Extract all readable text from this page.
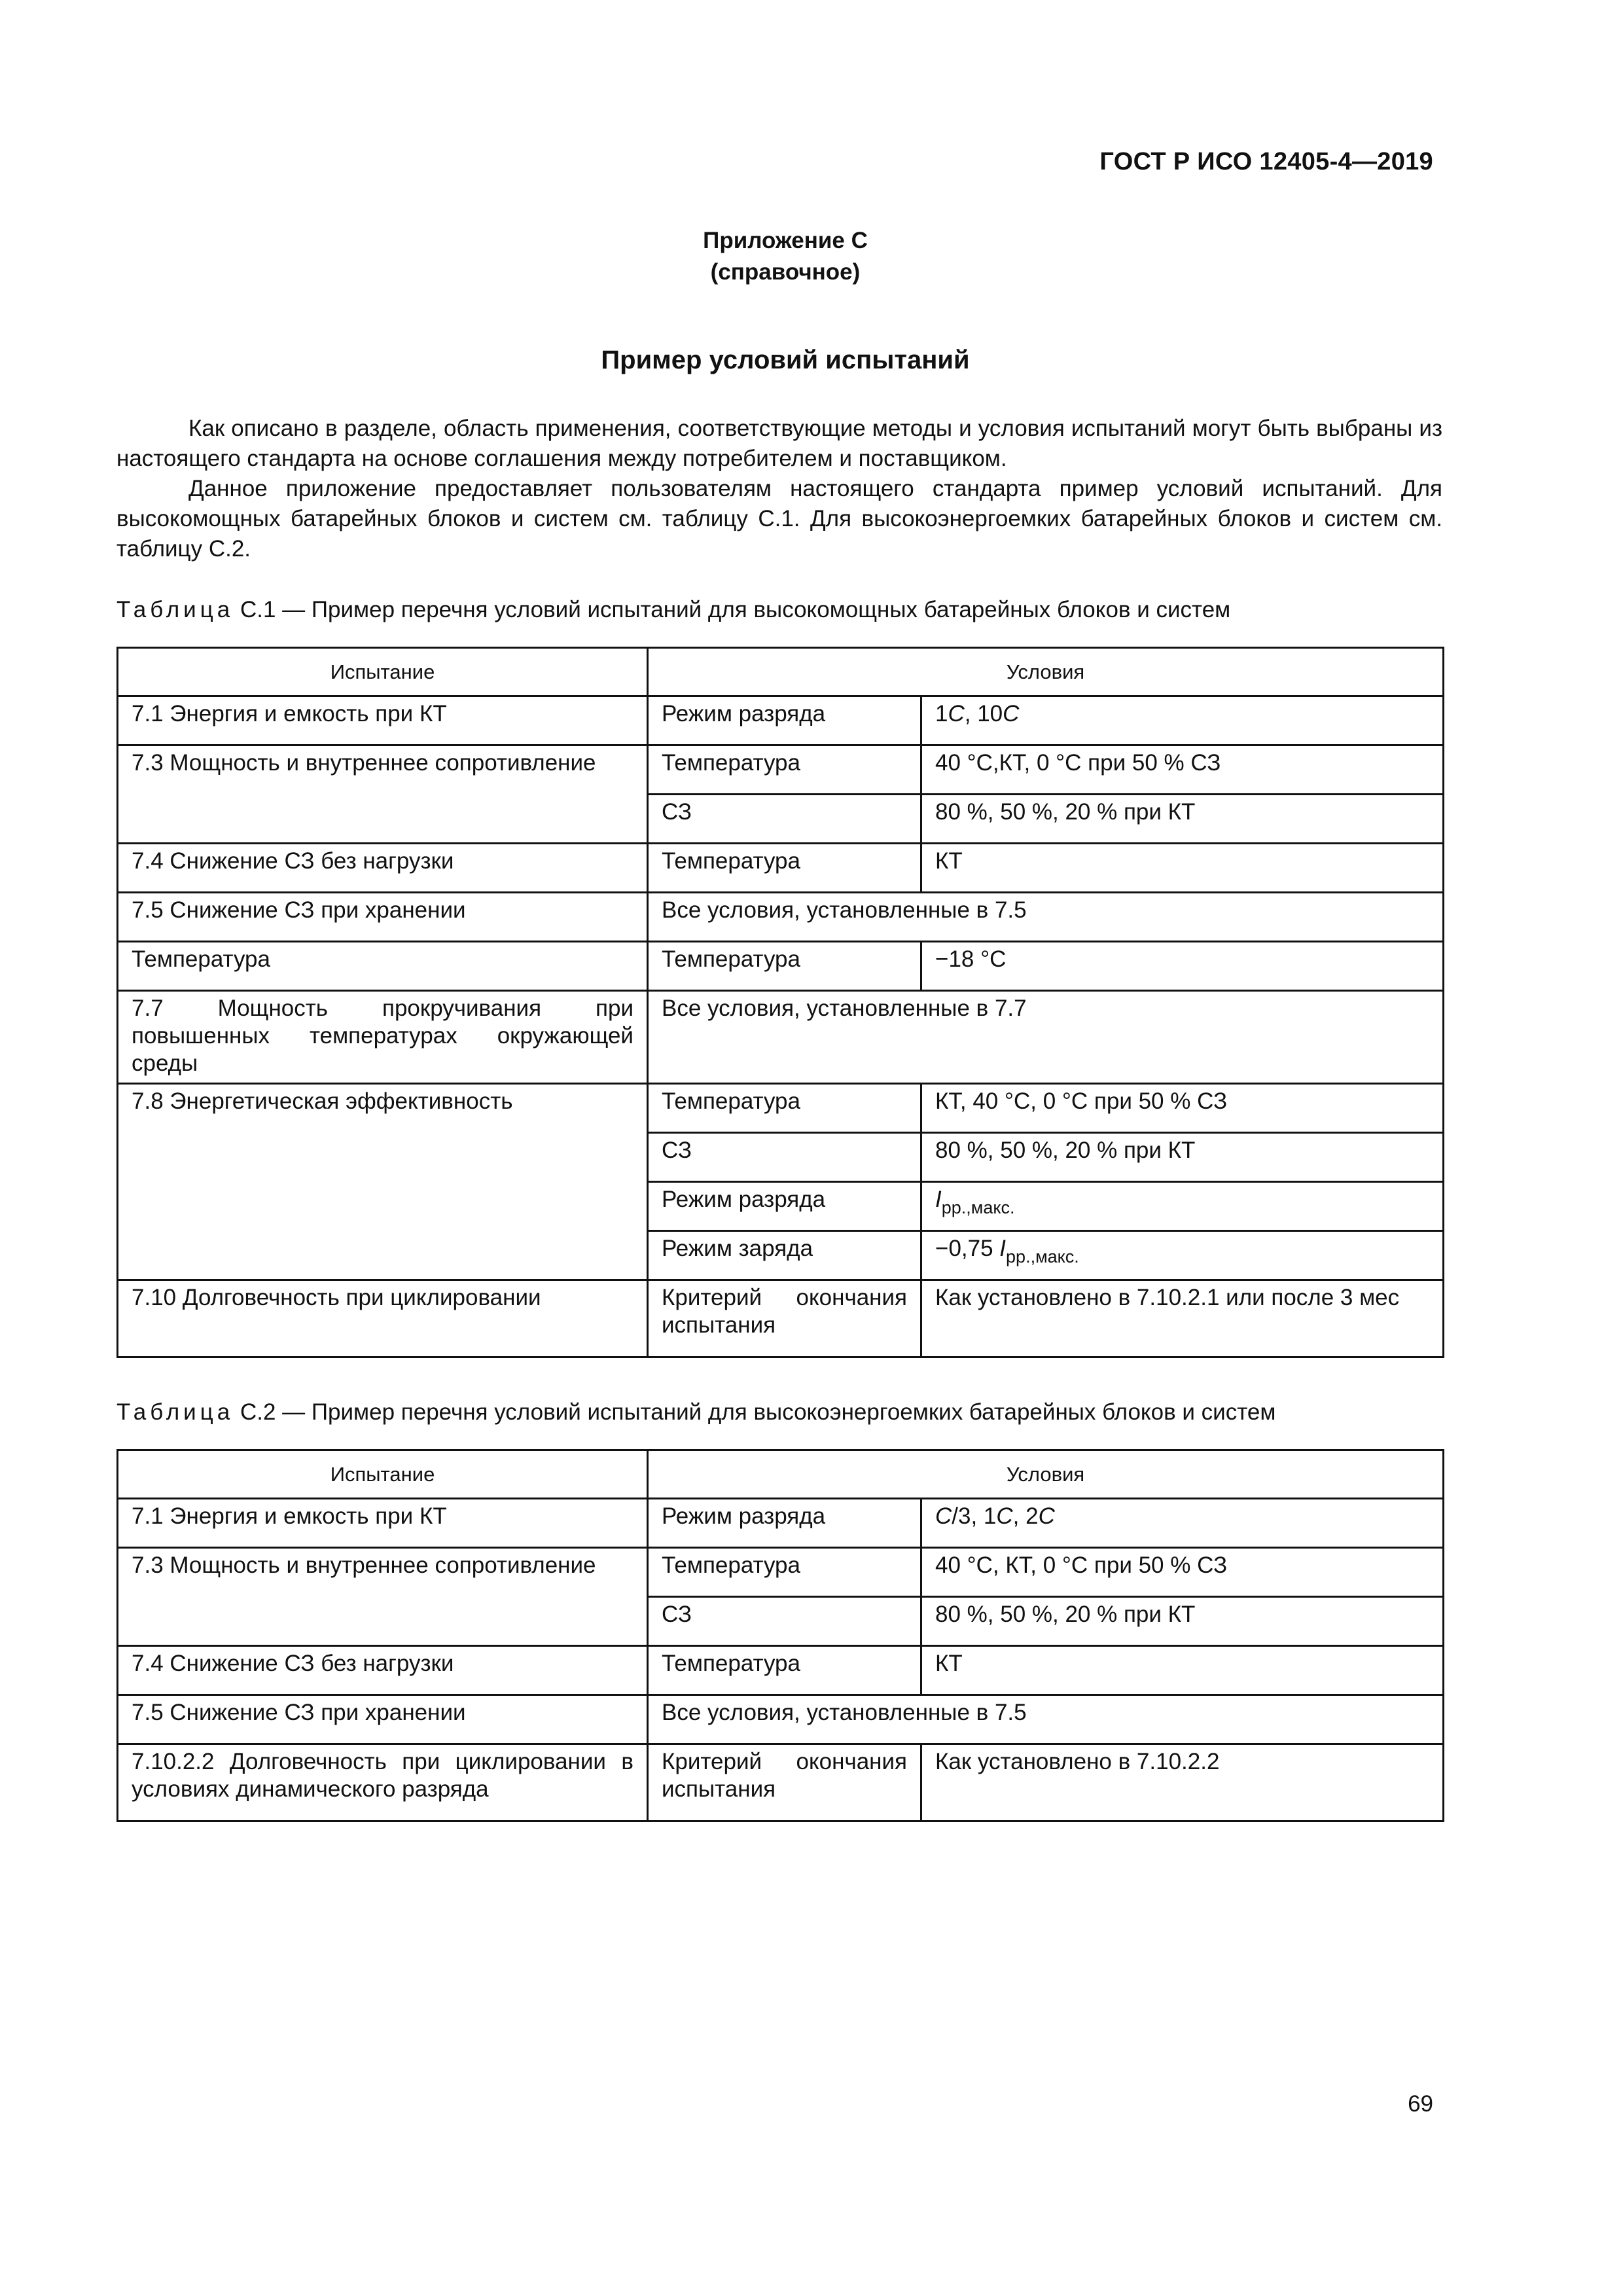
ГОСТ Р ИСО 12405-4—2019
Приложение С
(справочное)
Пример условий испытаний
Как описано в разделе, область применения, соответствующие методы и условия испытаний могут быть выбраны из настоящего стандарта на основе соглашения между потребителем и поставщиком.
Данное приложение предоставляет пользователям настоящего стандарта пример условий испытаний. Для высокомощных батарейных блоков и систем см. таблицу С.1. Для высокоэнергоемких батарейных блоков и систем см. таблицу С.2.
Таблица С.1 — Пример перечня условий испытаний для высокомощных батарейных блоков и систем
Испытание	Условия	
7.1 Энергия и емкость при КТ	Режим разряда	1C, 10C
7.3 Мощность и внутреннее сопротивление	Температура	40 °С,КТ, 0 °С при 50 % СЗ
	СЗ	80 %, 50 %, 20 % при КТ
7.4 Снижение СЗ без нагрузки	Температура	КТ
7.5 Снижение СЗ при хранении	Все условия, установленные в 7.5	
Температура	Температура	−18 °С
7.7 Мощность прокручивания при повышенных температурах окружающей среды	Все условия, установленные в 7.7	
7.8 Энергетическая эффективность	Температура	КТ, 40 °С, 0 °С при 50 % СЗ
	СЗ	80 %, 50 %, 20 % при КТ
	Режим разряда	$I_{рр.,макс.}$
	Режим заряда	−0,75 $I_{рр.,макс.}$
7.10 Долговечность при циклировании	Критерий окончания испытания	Как установлено в 7.10.2.1 или после 3 мес
Таблица С.2 — Пример перечня условий испытаний для высокоэнергоемких батарейных блоков и систем
Испытание	Условия	
7.1 Энергия и емкость при КТ	Режим разряда	C/3, 1C, 2C
7.3 Мощность и внутреннее сопротивление	Температура	40 °С, КТ, 0 °С при 50 % СЗ
	СЗ	80 %, 50 %, 20 % при КТ
7.4 Снижение СЗ без нагрузки	Температура	КТ
7.5 Снижение СЗ при хранении	Все условия, установленные в 7.5	
7.10.2.2 Долговечность при циклировании в условиях динамического разряда	Критерий окончания испытания	Как установлено в 7.10.2.2
69
